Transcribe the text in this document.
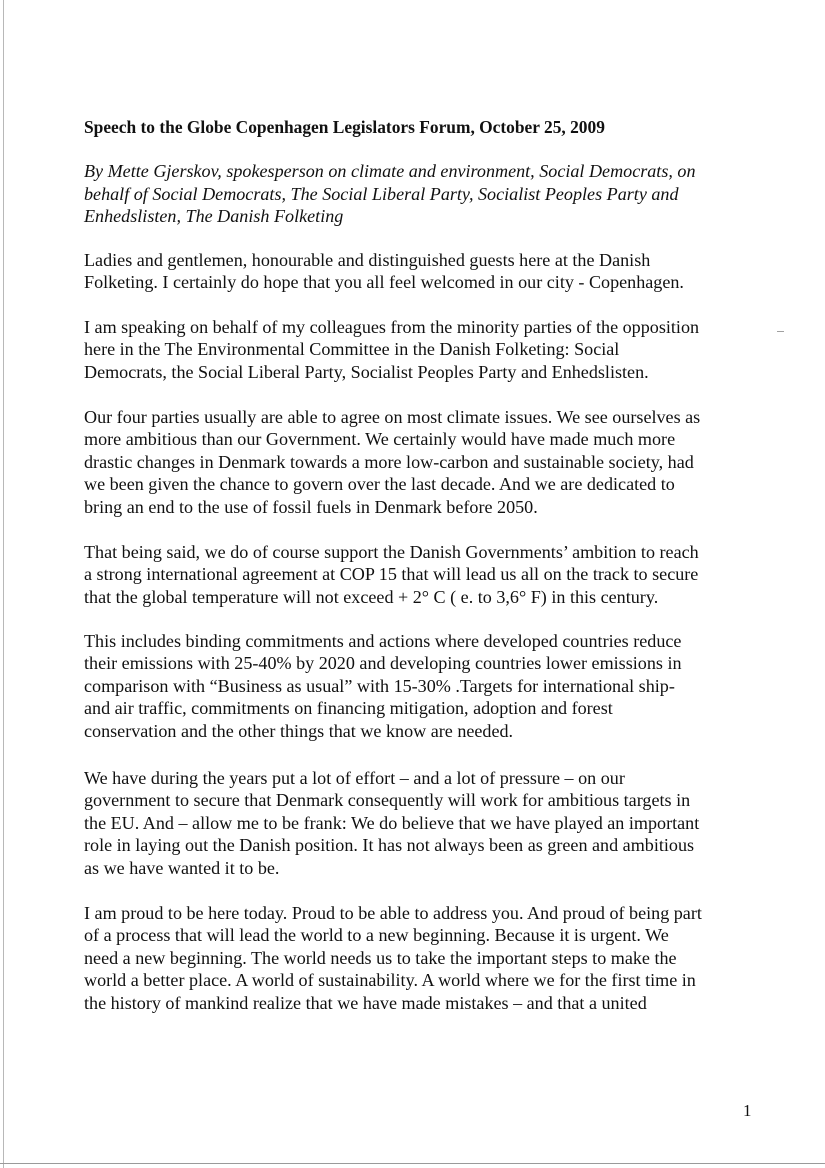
Speech to the Globe Copenhagen Legislators Forum, October 25, 2009
By Mette Gjerskov, spokesperson on climate and environment, Social Democrats, on
behalf of Social Democrats, The Social Liberal Party, Socialist Peoples Party and
Enhedslisten, The Danish Folketing
Ladies and gentlemen, honourable and distinguished guests here at the Danish
Folketing. I certainly do hope that you all feel welcomed in our city - Copenhagen.
I am speaking on behalf of my colleagues from the minority parties of the opposition
here in the The Environmental Committee in the Danish Folketing: Social
Democrats, the Social Liberal Party, Socialist Peoples Party and Enhedslisten.
Our four parties usually are able to agree on most climate issues. We see ourselves as
more ambitious than our Government. We certainly would have made much more
drastic changes in Denmark towards a more low-carbon and sustainable society, had
we been given the chance to govern over the last decade. And we are dedicated to
bring an end to the use of fossil fuels in Denmark before 2050.
That being said, we do of course support the Danish Governments’ ambition to reach
a strong international agreement at COP 15 that will lead us all on the track to secure
that the global temperature will not exceed + 2° C ( e. to 3,6° F) in this century.
This includes binding commitments and actions where developed countries reduce
their emissions with 25-40% by 2020 and developing countries lower emissions in
comparison with “Business as usual” with 15-30% .Targets for international ship-
and air traffic, commitments on financing mitigation, adoption and forest
conservation and the other things that we know are needed.
We have during the years put a lot of effort – and a lot of pressure – on our
government to secure that Denmark consequently will work for ambitious targets in
the EU. And – allow me to be frank: We do believe that we have played an important
role in laying out the Danish position. It has not always been as green and ambitious
as we have wanted it to be.
I am proud to be here today. Proud to be able to address you. And proud of being part
of a process that will lead the world to a new beginning. Because it is urgent. We
need a new beginning. The world needs us to take the important steps to make the
world a better place. A world of sustainability. A world where we for the first time in
the history of mankind realize that we have made mistakes – and that a united
1
